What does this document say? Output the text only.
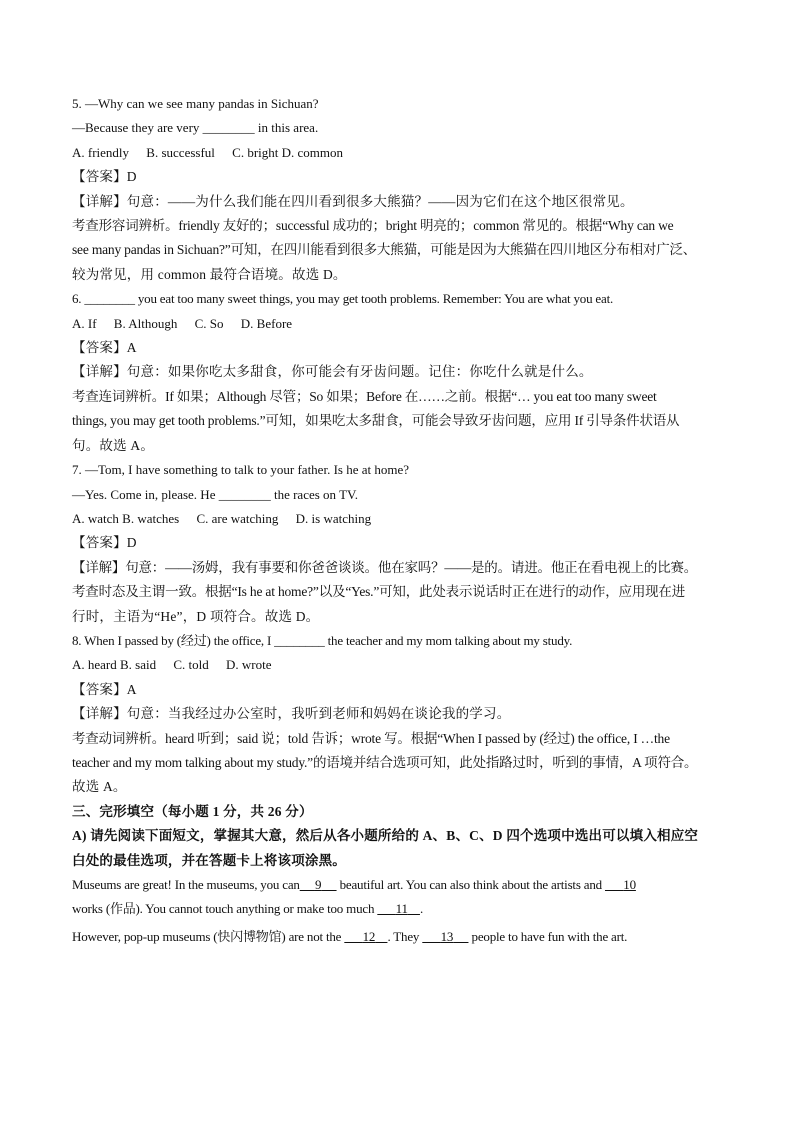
5. —Why can we see many pandas in Sichuan?
—Because they are very ________ in this area.
A. friendly B. successful C. bright D. common
【答案】D
【详解】句意：——为什么我们能在四川看到很多大熊猫？——因为它们在这个地区很常见。
考查形容词辨析。friendly 友好的；successful 成功的；bright 明亮的；common 常见的。根据“Why can we
see many pandas in Sichuan?”可知，在四川能看到很多大熊猫，可能是因为大熊猫在四川地区分布相对广泛、
较为常见，用 common 最符合语境。故选 D。
6. ________ you eat too many sweet things, you may get tooth problems. Remember: You are what you eat.
A. If B. Although C. So D. Before
【答案】A
【详解】句意：如果你吃太多甜食，你可能会有牙齿问题。记住：你吃什么就是什么。
考查连词辨析。If 如果；Although 尽管；So 如果；Before 在……之前。根据“… you eat too many sweet
things, you may get tooth problems.”可知，如果吃太多甜食，可能会导致牙齿问题，应用 If 引导条件状语从
句。故选 A。
7. —Tom, I have something to talk to your father. Is he at home?
—Yes. Come in, please. He ________ the races on TV.
A. watch B. watches C. are watching D. is watching
【答案】D
【详解】句意：——汤姆，我有事要和你爸爸谈谈。他在家吗？——是的。请进。他正在看电视上的比赛。
考查时态及主谓一致。根据“Is he at home?”以及“Yes.”可知，此处表示说话时正在进行的动作，应用现在进
行时，主语为“He”，D 项符合。故选 D。
8. When I passed by (经过) the office, I ________ the teacher and my mom talking about my study.
A. heard B. said C. told D. wrote
【答案】A
【详解】句意：当我经过办公室时，我听到老师和妈妈在谈论我的学习。
考查动词辨析。heard 听到；said 说；told 告诉；wrote 写。根据“When I passed by (经过) the office, I …the
teacher and my mom talking about my study.”的语境并结合选项可知，此处指路过时，听到的事情，A 项符合。
故选 A。
三、完形填空（每小题 1 分，共 26 分）
A) 请先阅读下面短文，掌握其大意，然后从各小题所给的 A、B、C、D 四个选项中选出可以填入相应空
白处的最佳选项，并在答题卡上将该项涂黑。
Museums are great! In the museums, you can 9 beautiful art. You can also think about the artists and 10
works (作品). You cannot touch anything or make too much 11 .
However, pop-up museums (快闪博物馆) are not the 12 . They 13 people to have fun with the art.
